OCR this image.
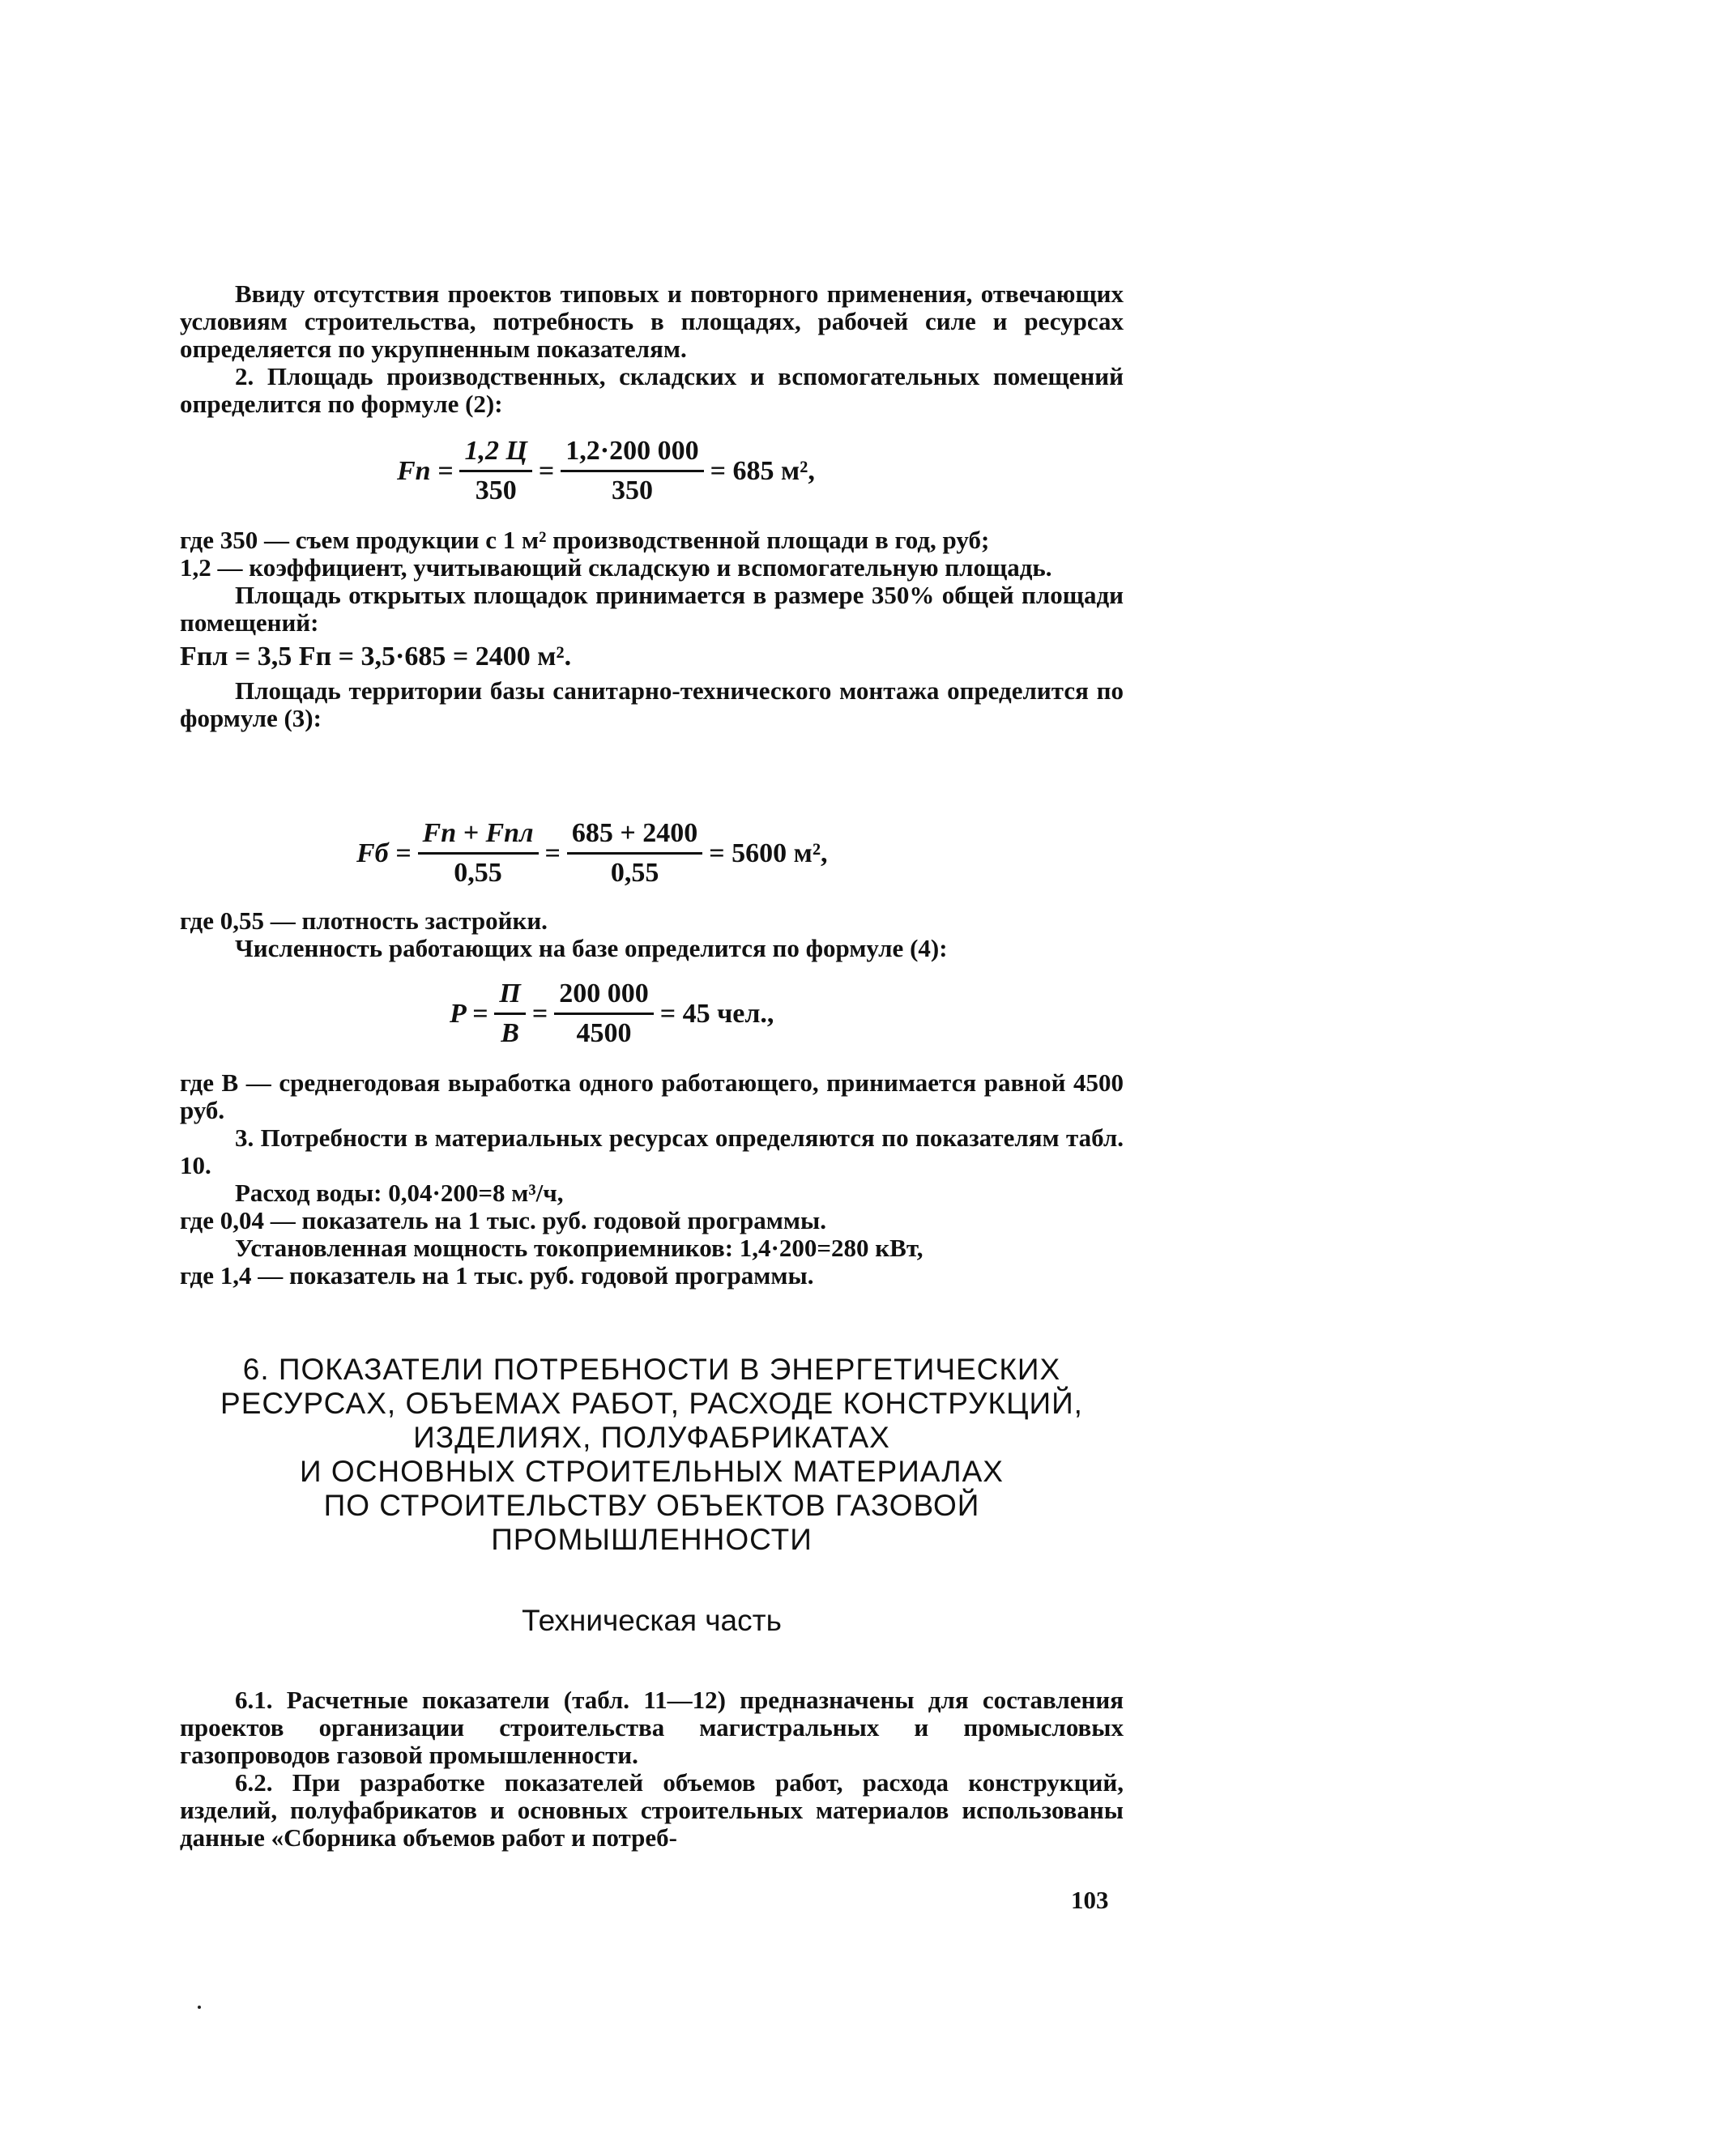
Ввиду отсутствия проектов типовых и повторного применения, отвечающих условиям строительства, потребность в площадях, рабочей силе и ресурсах определяется по укрупненным показателям.

2. Площадь производственных, складских и вспомогательных помещений определится по формуле (2):

Fп = $\frac{1,2 Ц}{350} = \frac{1,2\cdot 200 000}{350} = 685$ м²,

где 350 — съем продукции с 1 м² производственной площади в год, руб;

1,2 — коэффициент, учитывающий складскую и вспомогательную площадь.

Площадь открытых площадок принимается в размере 350% общей площади помещений:

Fпл = 3,5 Fп = 3,5·685 = 2400 м².

Площадь территории базы санитарно-технического монтажа определится по формуле (3):

Fб = $\frac{\text{Fп + Fпл}}{0,55} = \frac{685 + 2400}{0,55} = 5600$ м²,

где 0,55 — плотность застройки.

Численность работающих на базе определится по формуле (4):

$P = \frac{П}{B} = \frac{200 000}{4500} = 45$ чел.,

где B — среднегодовая выработка одного работающего, принимается равной 4500 руб.

3. Потребности в материальных ресурсах определяются по показателям табл. 10.

Расход воды: 0,04·200=8 м³/ч,

где 0,04 — показатель на 1 тыс. руб. годовой программы.

Установленная мощность токоприемников: 1,4·200=280 кВт,

где 1,4 — показатель на 1 тыс. руб. годовой программы.

6. ПОКАЗАТЕЛИ ПОТРЕБНОСТИ В ЭНЕРГЕТИЧЕСКИХ
РЕСУРСАХ, ОБЪЕМАХ РАБОТ, РАСХОДЕ КОНСТРУКЦИЙ,
ИЗДЕЛИЯХ, ПОЛУФАБРИКАТАХ
И ОСНОВНЫХ СТРОИТЕЛЬНЫХ МАТЕРИАЛАХ
ПО СТРОИТЕЛЬСТВУ ОБЪЕКТОВ ГАЗОВОЙ
ПРОМЫШЛЕННОСТИ
Техническая часть

6.1. Расчетные показатели (табл. 11—12) предназначены для составления проектов организации строительства магистральных и промысловых газопроводов газовой промышленности.

6.2. При разработке показателей объемов работ, расхода конструкций, изделий, полуфабрикатов и основных строительных материалов использованы данные «Сборника объемов работ и потреб-

103
